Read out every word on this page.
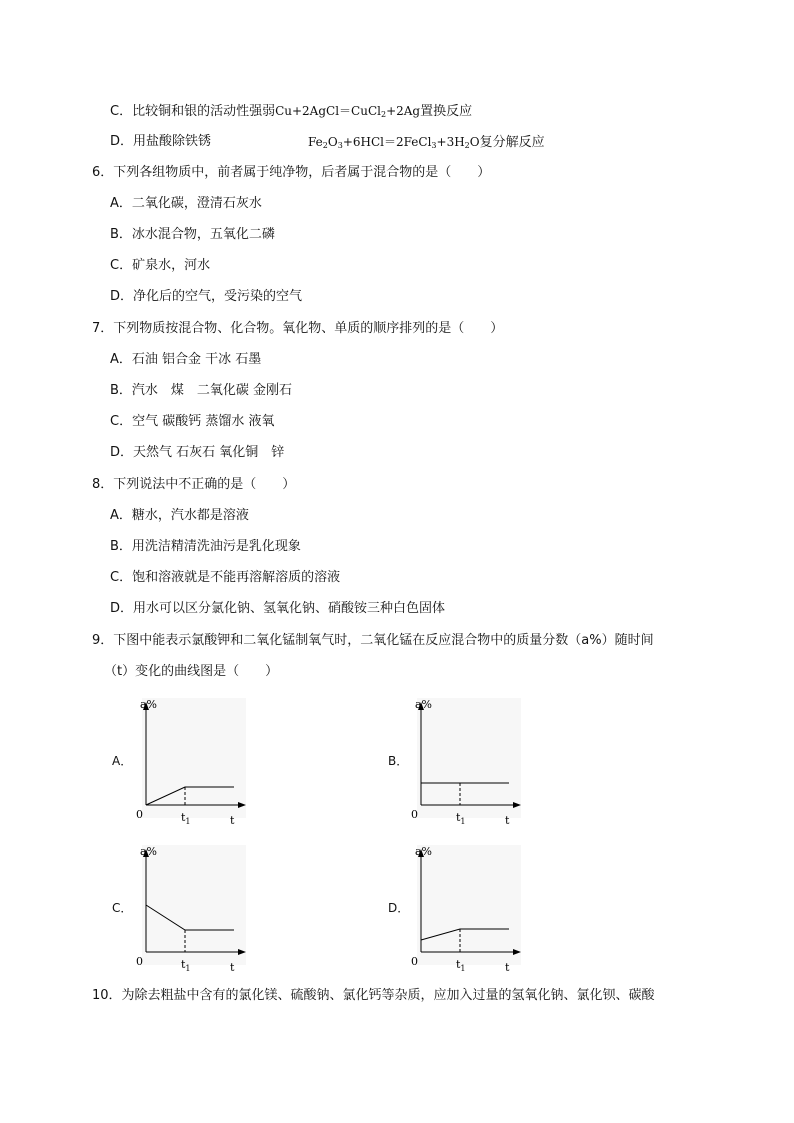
C．比较铜和银的活动性强弱Cu+2AgCl＝CuCl$_2$+2Ag置换反应
D．用盐酸除铁锈	$Fe_2O_3+6HCl=2FeCl_3+3H_2O$复分解反应
6．下列各组物质中，前者属于纯净物，后者属于混合物的是（　　）
A．二氧化碳，澄清石灰水
B．冰水混合物，五氧化二磷
C．矿泉水，河水
D．净化后的空气，受污染的空气
7．下列物质按混合物、化合物。氧化物、单质的顺序排列的是（　　）
A．石油 铝合金 干冰 石墨
B．汽水　煤　二氧化碳 金刚石
C．空气 碳酸钙 蒸馏水 液氧
D．天然气 石灰石 氧化铜　锌
8．下列说法中不正确的是（　　）
A．糖水，汽水都是溶液
B．用洗洁精清洗油污是乳化现象
C．饱和溶液就是不能再溶解溶质的溶液
D．用水可以区分氯化钠、氢氧化钠、硝酸铵三种白色固体
9．下图中能表示氯酸钾和二氧化锰制氧气时，二氧化锰在反应混合物中的质量分数（a%）随时间
（t）变化的曲线图是（　　）
A．
a%
0	$t_1$	t
B．
a%
0	$t_1$	t
C．
a%
0	$t_1$	t
D．
a%
0	$t_1$	t
10．为除去粗盐中含有的氯化镁、硫酸钠、氯化钙等杂质，应加入过量的氢氧化钠、氯化钡、碳酸
